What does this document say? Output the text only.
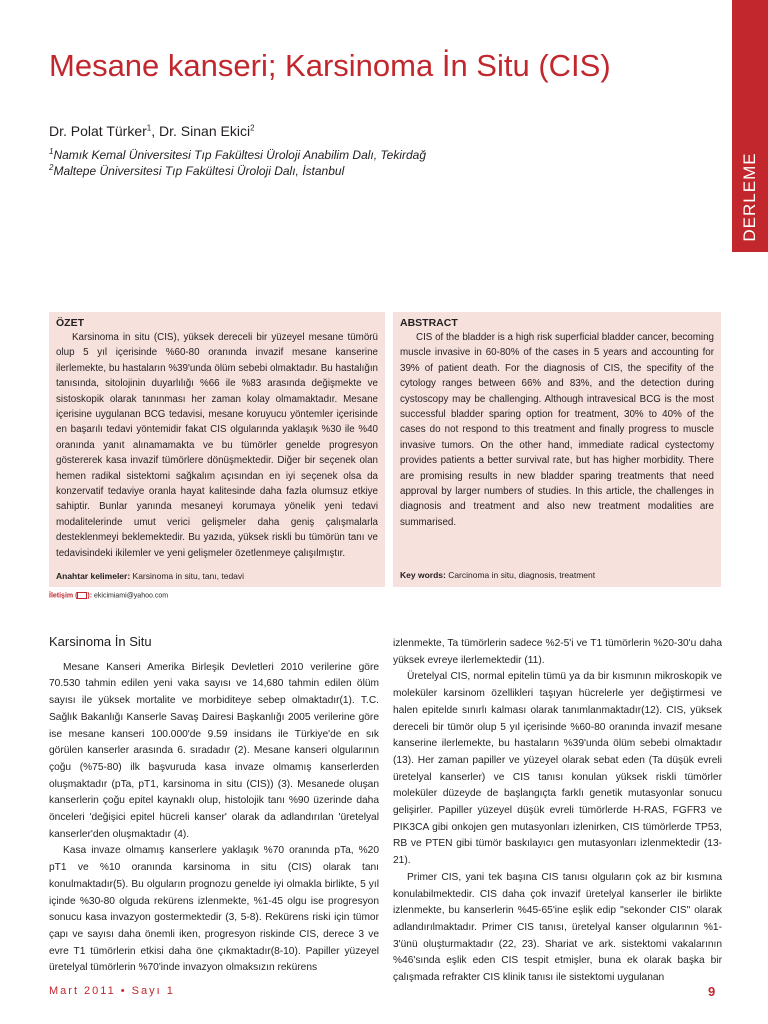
DERLEME
Mesane kanseri; Karsinoma İn Situ (CIS)
Dr. Polat Türker$^1$, Dr. Sinan Ekici$^2$
$^1$Namık Kemal Üniversitesi Tıp Fakültesi Üroloji Anabilim Dalı, Tekirdağ
$^2$Maltepe Üniversitesi Tıp Fakültesi Üroloji Dalı, İstanbul
ÖZET

Karsinoma in situ (CIS), yüksek dereceli bir yüzeyel mesane tümörü olup 5 yıl içerisinde %60-80 oranında invazif mesane kanserine ilerlemekte, bu hastaların %39'unda ölüm sebebi olmaktadır. Bu hastalığın tanısında, sitolojinin duyarlılığı %66 ile %83 arasında değişmekte ve sistoskopik olarak tanınması her zaman kolay olmamaktadır. Mesane içerisine uygulanan BCG tedavisi, mesane koruyucu yöntemler içerisinde en başarılı tedavi yöntemidir fakat CIS olgularında yaklaşık %30 ile %40 oranında yanıt alınamamakta ve bu tümörler genelde progresyon göstererek kasa invazif tümörlere dönüşmektedir. Diğer bir seçenek olan hemen radikal sistektomi sağkalım açısından en iyi seçenek olsa da konzervatif tedaviye oranla hayat kalitesinde daha fazla olumsuz etkiye sahiptir. Bunlar yanında mesaneyi korumaya yönelik yeni tedavi modalitelerinde umut verici gelişmeler daha geniş çalışmalarla desteklenmeyi beklemektedir. Bu yazıda, yüksek riskli bu tümörün tanı ve tedavisindeki ikilemler ve yeni gelişmeler özetlenmeye çalışılmıştır.

Anahtar kelimeler: Karsinoma in situ, tanı, tedavi
ABSTRACT

CIS of the bladder is a high risk superficial bladder cancer, becoming muscle invasive in 60-80% of the cases in 5 years and accounting for 39% of patient death. For the diagnosis of CIS, the specifity of the cytology ranges between 66% and 83%, and the detection during cystoscopy may be challenging. Although intravesical BCG is the most successful bladder sparing option for treatment, 30% to 40% of the cases do not respond to this treatment and finally progress to muscle invasive tumors. On the other hand, immediate radical cystectomy provides patients a better survival rate, but has higher morbidity. There are promising results in new bladder sparing treatments that need approval by larger numbers of studies. In this article, the challenges in diagnosis and treatment and also new treatment modalities are summarised.

Key words: Carcinoma in situ, diagnosis, treatment
İletişim ( ): ekicimiami@yahoo.com
Karsinoma İn Situ

Mesane Kanseri Amerika Birleşik Devletleri 2010 verilerine göre 70.530 tahmin edilen yeni vaka sayısı ve 14,680 tahmin edilen ölüm sayısı ile yüksek mortalite ve morbiditeye sebep olmaktadır(1). T.C. Sağlık Bakanlığı Kanserle Savaş Dairesi Başkanlığı 2005 verilerine göre ise mesane kanseri 100.000'de 9.59 insidans ile Türkiye'de en sık görülen kanserler arasında 6. sıradadır (2). Mesane kanseri olgularının çoğu (%75-80) ilk başvuruda kasa invaze olmamış kanserlerden oluşmaktadır (pTa, pT1, karsinoma in situ (CIS)) (3). Mesanede oluşan kanserlerin çoğu epitel kaynaklı olup, histolojik tanı %90 üzerinde daha önceleri 'değişici epitel hücreli kanser' olarak da adlandırılan 'üretelyal kanserler'den oluşmaktadır (4).

Kasa invaze olmamış kanserlere yaklaşık %70 oranında pTa, %20 pT1 ve %10 oranında karsinoma in situ (CIS) olarak tanı konulmaktadır(5). Bu olguların prognozu genelde iyi olmakla birlikte, 5 yıl içinde %30-80 olguda rekürens izlenmekte, %1-45 olgu ise progresyon sonucu kasa invazyon gostermektedir (3, 5-8). Rekürens riski için tümor çapı ve sayısı daha önemli iken, progresyon riskinde CIS, derece 3 ve evre T1 tümörlerin etkisi daha öne çıkmaktadır(8-10). Papiller yüzeyel üretelyal tümörlerin %70'inde invazyon olmaksızın rekürens

izlenmekte, Ta tümörlerin sadece %2-5'i ve T1 tümörlerin %20-30'u daha yüksek evreye ilerlemektedir (11).

Üretelyal CIS, normal epitelin tümü ya da bir kısmının mikroskopik ve moleküler karsinom özellikleri taşıyan hücrelerle yer değiştirmesi ve halen epitelde sınırlı kalması olarak tanımlanmaktadır(12). CIS, yüksek dereceli bir tümör olup 5 yıl içerisinde %60-80 oranında invazif mesane kanserine ilerlemekte, bu hastaların %39'unda ölüm sebebi olmaktadır (13). Her zaman papiller ve yüzeyel olarak sebat eden (Ta düşük evreli üretelyal kanserler) ve CIS tanısı konulan yüksek riskli tümörler moleküler düzeyde de başlangıçta farklı genetik mutasyonlar sonucu gelişirler. Papiller yüzeyel düşük evreli tümörlerde H-RAS, FGFR3 ve PIK3CA gibi onkojen gen mutasyonları izlenirken, CIS tümörlerde TP53, RB ve PTEN gibi tümör baskılayıcı gen mutasyonları izlenmektedir (13-21).

Primer CIS, yani tek başına CIS tanısı olguların çok az bir kısmına konulabilmektedir. CIS daha çok invazif üretelyal kanserler ile birlikte izlenmekte, bu kanserlerin %45-65'ine eşlik edip "sekonder CIS" olarak adlandırılmaktadır. Primer CIS tanısı, üretelyal kanser olgularının %1-3'ünü oluşturmaktadır (22, 23). Shariat ve ark. sistektomi vakalarının %46'sında eşlik eden CIS tespit etmişler, buna ek olarak başka bir çalışmada refrakter CIS klinik tanısı ile sistektomi uygulanan

Mart 2011 • Sayı 1	9
